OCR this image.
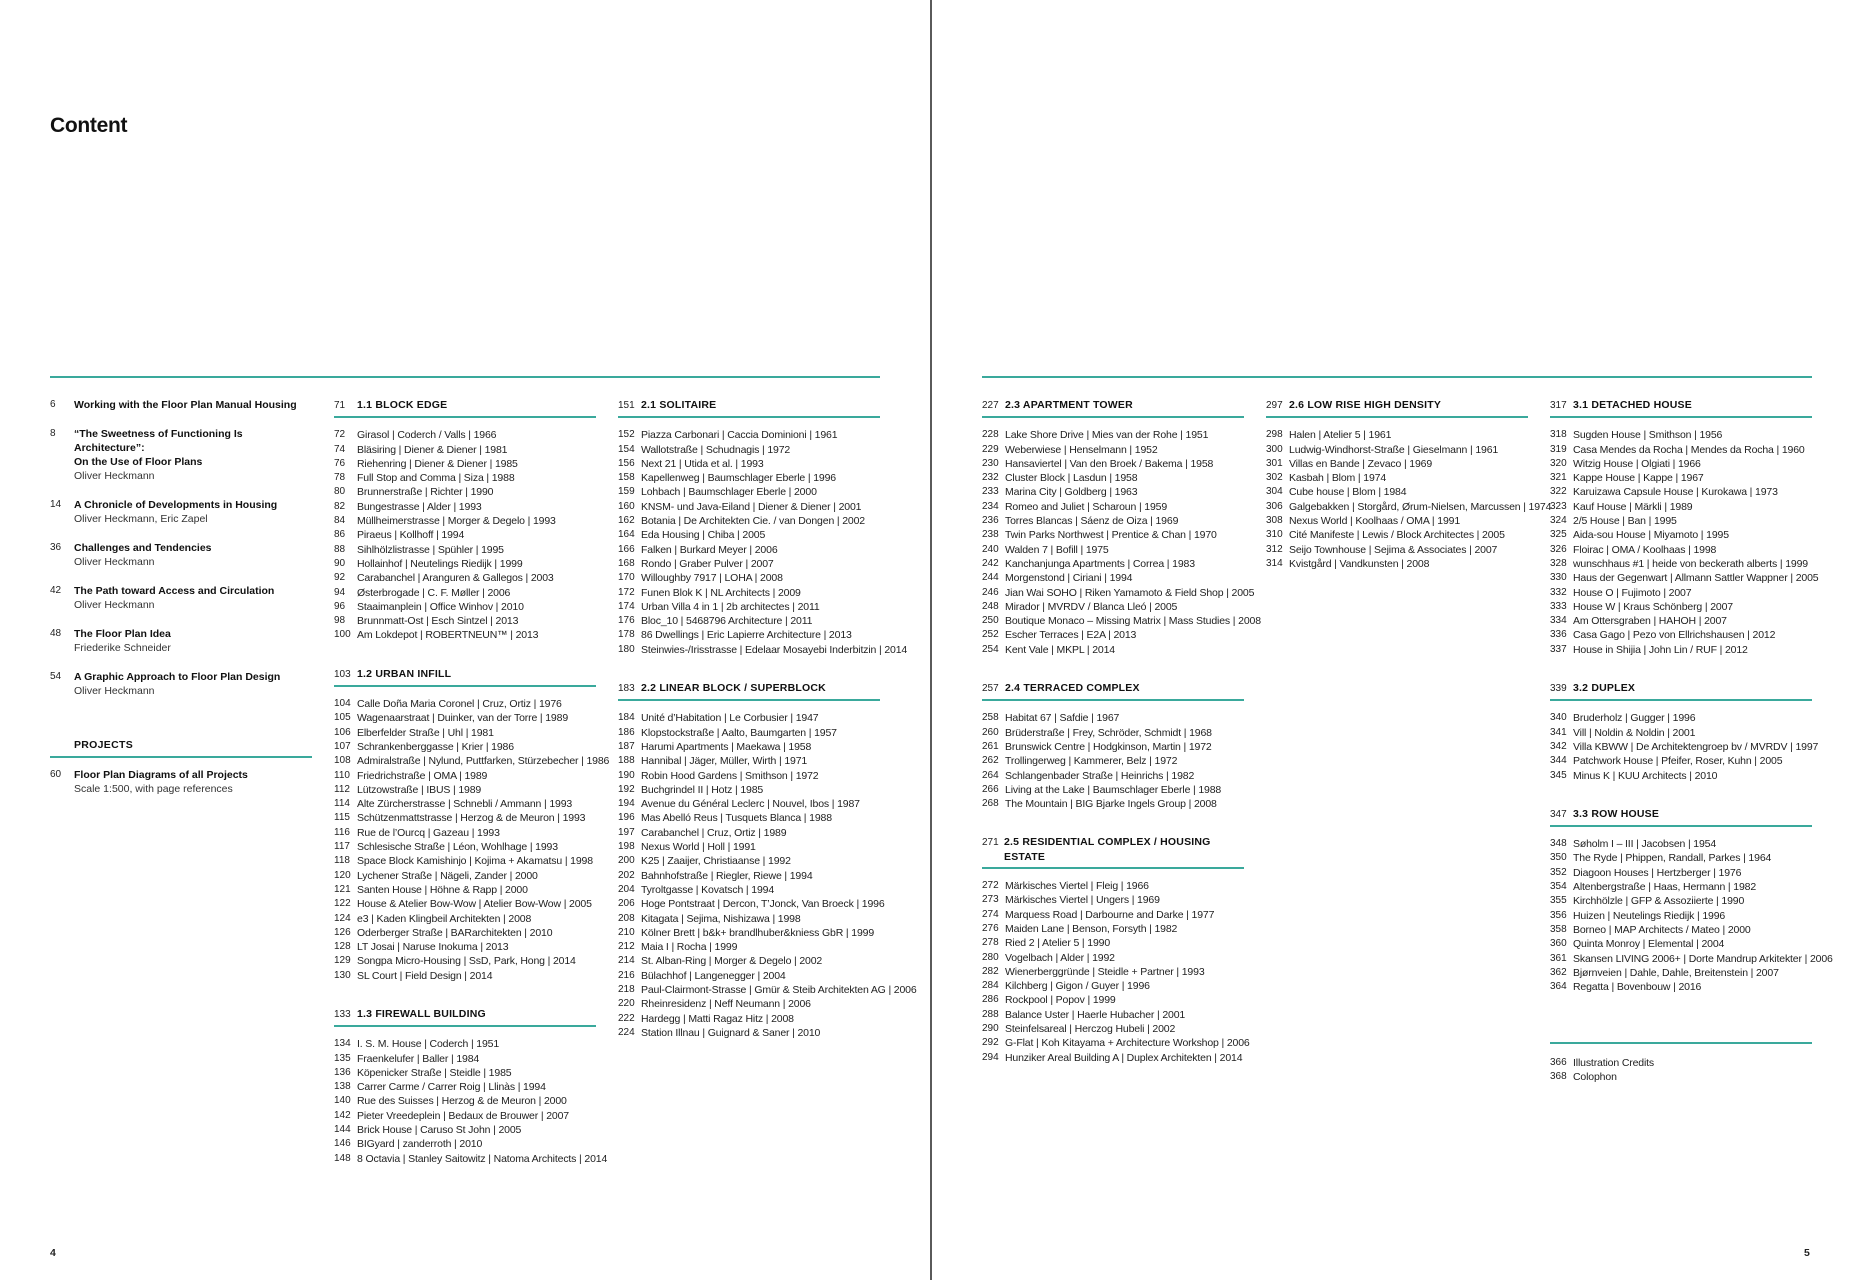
Content
6	Working with the Floor Plan Manual Housing
8	“The Sweetness of Functioning Is Architecture”:
On the Use of Floor Plans
Oliver Heckmann
14	A Chronicle of Developments in Housing
Oliver Heckmann, Eric Zapel
36	Challenges and Tendencies
Oliver Heckmann
42	The Path toward Access and Circulation
Oliver Heckmann
48	The Floor Plan Idea
Friederike Schneider
54	A Graphic Approach to Floor Plan Design
Oliver Heckmann
PROJECTS
60	Floor Plan Diagrams of all Projects
Scale 1:500, with page references
71	1.1 BLOCK EDGE
72	Girasol | Coderch / Valls | 1966
74	Bläsiring | Diener & Diener | 1981
76	Riehenring | Diener & Diener | 1985
78	Full Stop and Comma | Siza | 1988
80	Brunnerstraße | Richter | 1990
82	Bungestrasse | Alder | 1993
84	Müllheimerstrasse | Morger & Degelo | 1993
86	Piraeus | Kollhoff | 1994
88	Sihlhölzlistrasse | Spühler | 1995
90	Hollainhof | Neutelings Riedijk | 1999
92	Carabanchel | Aranguren & Gallegos | 2003
94	Østerbrogade | C. F. Møller | 2006
96	Staaimanplein | Office Winhov | 2010
98	Brunnmatt-Ost | Esch Sintzel | 2013
100 Am Lokdepot | ROBERTNEUN™ | 2013
103 1.2 URBAN INFILL
104 Calle Doña Maria Coronel | Cruz, Ortiz | 1976
105 Wagenaarstraat | Duinker, van der Torre | 1989
106 Elberfelder Straße | Uhl | 1981
107 Schrankenberggasse | Krier | 1986
108 Admiralstraße | Nylund, Puttfarken, Stürzebecher | 1986
110 Friedrichstraße | OMA | 1989
112 Lützowstraße | IBUS | 1989
114 Alte Zürcherstrasse | Schnebli / Ammann | 1993
115 Schützenmattstrasse | Herzog & de Meuron | 1993
116 Rue de l’Ourcq | Gazeau | 1993
117 Schlesische Straße | Léon, Wohlhage | 1993
118 Space Block Kamishinjo | Kojima + Akamatsu | 1998
120 Lychener Straße | Nägeli, Zander | 2000
121 Santen House | Höhne & Rapp | 2000
122 House & Atelier Bow-Wow | Atelier Bow-Wow | 2005
124 e3 | Kaden Klingbeil Architekten | 2008
126 Oderberger Straße | BARarchitekten | 2010
128 LT Josai | Naruse Inokuma | 2013
129 Songpa Micro-Housing | SsD, Park, Hong | 2014
130 SL Court | Field Design | 2014
133 1.3 FIREWALL BUILDING
134 I. S. M. House | Coderch | 1951
135 Fraenkelufer | Baller | 1984
136 Köpenicker Straße | Steidle | 1985
138 Carrer Carme / Carrer Roig | Llinàs | 1994
140 Rue des Suisses | Herzog & de Meuron | 2000
142 Pieter Vreedeplein | Bedaux de Brouwer | 2007
144 Brick House | Caruso St John | 2005
146 BIGyard | zanderroth | 2010
148 8 Octavia | Stanley Saitowitz | Natoma Architects | 2014
151 2.1 SOLITAIRE
152 Piazza Carbonari | Caccia Dominioni | 1961
154 Wallotstraße | Schudnagis | 1972
156 Next 21 | Utida et al. | 1993
158 Kapellenweg | Baumschlager Eberle | 1996
159 Lohbach | Baumschlager Eberle | 2000
160 KNSM- und Java-Eiland | Diener & Diener | 2001
162 Botania | De Architekten Cie. / van Dongen | 2002
164 Eda Housing | Chiba | 2005
166 Falken | Burkard Meyer | 2006
168 Rondo | Graber Pulver | 2007
170 Willoughby 7917 | LOHA | 2008
172 Funen Blok K | NL Architects | 2009
174 Urban Villa 4 in 1 | 2b architectes | 2011
176 Bloc_10 | 5468796 Architecture | 2011
178 86 Dwellings | Eric Lapierre Architecture | 2013
180 Steinwies-/Irisstrasse | Edelaar Mosayebi Inderbitzin | 2014
183 2.2 LINEAR BLOCK / SUPERBLOCK
184 Unité d’Habitation | Le Corbusier | 1947
186 Klopstockstraße | Aalto, Baumgarten | 1957
187 Harumi Apartments | Maekawa | 1958
188 Hannibal | Jäger, Müller, Wirth | 1971
190 Robin Hood Gardens | Smithson | 1972
192 Buchgrindel II | Hotz | 1985
194 Avenue du Général Leclerc | Nouvel, Ibos | 1987
196 Mas Abelló Reus | Tusquets Blanca | 1988
197 Carabanchel | Cruz, Ortiz | 1989
198 Nexus World | Holl | 1991
200 K25 | Zaaijer, Christiaanse | 1992
202 Bahnhofstraße | Riegler, Riewe | 1994
204 Tyroltgasse | Kovatsch | 1994
206 Hoge Pontstraat | Dercon, T’Jonck, Van Broeck | 1996
208 Kitagata | Sejima, Nishizawa | 1998
210 Kölner Brett | b&k+ brandlhuber&kniess GbR | 1999
212 Maia I | Rocha | 1999
214 St. Alban-Ring | Morger & Degelo | 2002
216 Bülachhof | Langenegger | 2004
218 Paul-Clairmont-Strasse | Gmür & Steib Architekten AG | 2006
220 Rheinresidenz | Neff Neumann | 2006
222 Hardegg | Matti Ragaz Hitz | 2008
224 Station Illnau | Guignard & Saner | 2010
4
227 2.3 APARTMENT TOWER
228 Lake Shore Drive | Mies van der Rohe | 1951
229 Weberwiese | Henselmann | 1952
230 Hansaviertel | Van den Broek / Bakema | 1958
232 Cluster Block | Lasdun | 1958
233 Marina City | Goldberg | 1963
234 Romeo and Juliet | Scharoun | 1959
236 Torres Blancas | Sáenz de Oiza | 1969
238 Twin Parks Northwest | Prentice & Chan | 1970
240 Walden 7 | Bofill | 1975
242 Kanchanjunga Apartments | Correa | 1983
244 Morgenstond | Ciriani | 1994
246 Jian Wai SOHO | Riken Yamamoto & Field Shop | 2005
248 Mirador | MVRDV / Blanca Lleó | 2005
250 Boutique Monaco – Missing Matrix | Mass Studies | 2008
252 Escher Terraces | E2A | 2013
254 Kent Vale | MKPL | 2014
257 2.4 TERRACED COMPLEX
258 Habitat 67 | Safdie | 1967
260 Brüderstraße | Frey, Schröder, Schmidt | 1968
261 Brunswick Centre | Hodgkinson, Martin | 1972
262 Trollingerweg | Kammerer, Belz | 1972
264 Schlangenbader Straße | Heinrichs | 1982
266 Living at the Lake | Baumschlager Eberle | 1988
268 The Mountain | BIG Bjarke Ingels Group | 2008
271 2.5 RESIDENTIAL COMPLEX / HOUSING ESTATE
272 Märkisches Viertel | Fleig | 1966
273 Märkisches Viertel | Ungers | 1969
274 Marquess Road | Darbourne and Darke | 1977
276 Maiden Lane | Benson, Forsyth | 1982
278 Ried 2 | Atelier 5 | 1990
280 Vogelbach | Alder | 1992
282 Wienerberggründe | Steidle + Partner | 1993
284 Kilchberg | Gigon / Guyer | 1996
286 Rockpool | Popov | 1999
288 Balance Uster | Haerle Hubacher | 2001
290 Steinfelsareal | Herczog Hubeli | 2002
292 G-Flat | Koh Kitayama + Architecture Workshop | 2006
294 Hunziker Areal Building A | Duplex Architekten | 2014
297 2.6 LOW RISE HIGH DENSITY
298 Halen | Atelier 5 | 1961
300 Ludwig-Windhorst-Straße | Gieselmann | 1961
301 Villas en Bande | Zevaco | 1969
302 Kasbah | Blom | 1974
304 Cube house | Blom | 1984
306 Galgebakken | Storgård, Ørum-Nielsen, Marcussen | 1974
308 Nexus World | Koolhaas / OMA | 1991
310 Cité Manifeste | Lewis / Block Architectes | 2005
312 Seijo Townhouse | Sejima & Associates | 2007
314 Kvistgård | Vandkunsten | 2008
317 3.1 DETACHED HOUSE
318 Sugden House | Smithson | 1956
319 Casa Mendes da Rocha | Mendes da Rocha | 1960
320 Witzig House | Olgiati | 1966
321 Kappe House | Kappe | 1967
322 Karuizawa Capsule House | Kurokawa | 1973
323 Kauf House | Märkli | 1989
324 2/5 House | Ban | 1995
325 Aida-sou House | Miyamoto | 1995
326 Floirac | OMA / Koolhaas | 1998
328 wunschhaus #1 | heide von beckerath alberts | 1999
330 Haus der Gegenwart | Allmann Sattler Wappner | 2005
332 House O | Fujimoto | 2007
333 House W | Kraus Schönberg | 2007
334 Am Ottersgraben | HAHOH | 2007
336 Casa Gago | Pezo von Ellrichshausen | 2012
337 House in Shijia | John Lin / RUF | 2012
339 3.2 DUPLEX
340 Bruderholz | Gugger | 1996
341 Vill | Noldin & Noldin | 2001
342 Villa KBWW | De Architektengroep bv / MVRDV | 1997
344 Patchwork House | Pfeifer, Roser, Kuhn | 2005
345 Minus K | KUU Architects | 2010
347 3.3 ROW HOUSE
348 Søholm I – III | Jacobsen | 1954
350 The Ryde | Phippen, Randall, Parkes | 1964
352 Diagoon Houses | Hertzberger | 1976
354 Altenbergstraße | Haas, Hermann | 1982
355 Kirchhölzle | GFP & Assoziierte | 1990
356 Huizen | Neutelings Riedijk | 1996
358 Borneo | MAP Architects / Mateo | 2000
360 Quinta Monroy | Elemental | 2004
361 Skansen LIVING 2006+ | Dorte Mandrup Arkitekter | 2006
362 Bjørnveien | Dahle, Dahle, Breitenstein | 2007
364 Regatta | Bovenbouw | 2016
366 Illustration Credits
368 Colophon
5
